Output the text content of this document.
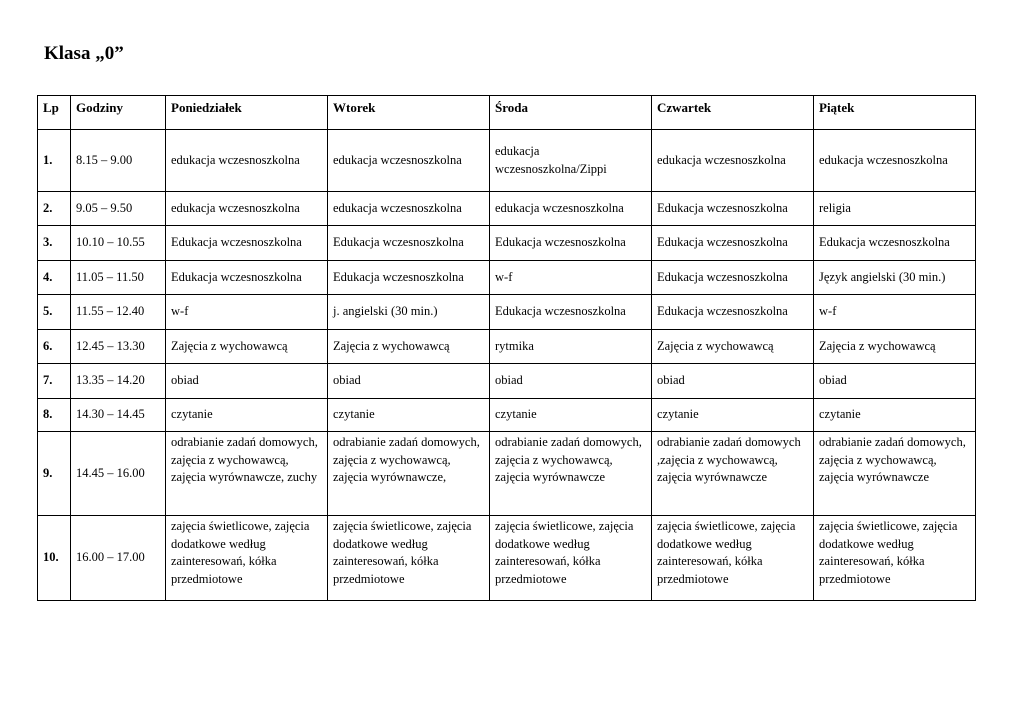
Klasa „0”
Lp	Godziny	Poniedziałek	Wtorek	Środa	Czwartek	Piątek
1.	8.15 – 9.00	edukacja wczesnoszkolna	edukacja wczesnoszkolna	edukacja wczesnoszkolna/Zippi	edukacja wczesnoszkolna	edukacja wczesnoszkolna
2.	9.05 – 9.50	edukacja wczesnoszkolna	edukacja wczesnoszkolna	edukacja wczesnoszkolna	Edukacja wczesnoszkolna	religia
3.	10.10 – 10.55	Edukacja wczesnoszkolna	Edukacja wczesnoszkolna	Edukacja wczesnoszkolna	Edukacja wczesnoszkolna	Edukacja wczesnoszkolna
4.	11.05 – 11.50	Edukacja wczesnoszkolna	Edukacja wczesnoszkolna	w-f	Edukacja wczesnoszkolna	Język angielski (30 min.)
5.	11.55 – 12.40	w-f	j. angielski (30 min.)	Edukacja wczesnoszkolna	Edukacja wczesnoszkolna	w-f
6.	12.45 – 13.30	Zajęcia z wychowawcą	Zajęcia z wychowawcą	rytmika	Zajęcia z wychowawcą	Zajęcia z wychowawcą
7.	13.35 – 14.20	obiad	obiad	obiad	obiad	obiad
8.	14.30 – 14.45	czytanie	czytanie	czytanie	czytanie	czytanie
9.	14.45 – 16.00	odrabianie zadań domowych, zajęcia z wychowawcą, zajęcia wyrównawcze, zuchy	odrabianie zadań domowych, zajęcia z wychowawcą, zajęcia wyrównawcze,	odrabianie zadań domowych, zajęcia z wychowawcą, zajęcia wyrównawcze	odrabianie zadań domowych ,zajęcia z wychowawcą, zajęcia wyrównawcze	odrabianie zadań domowych, zajęcia z wychowawcą, zajęcia wyrównawcze
10.	16.00 – 17.00	zajęcia świetlicowe, zajęcia dodatkowe według zainteresowań, kółka przedmiotowe	zajęcia świetlicowe, zajęcia dodatkowe według zainteresowań, kółka przedmiotowe	zajęcia świetlicowe, zajęcia dodatkowe według zainteresowań, kółka przedmiotowe	zajęcia świetlicowe, zajęcia dodatkowe według zainteresowań, kółka przedmiotowe	zajęcia świetlicowe, zajęcia dodatkowe według zainteresowań, kółka przedmiotowe
